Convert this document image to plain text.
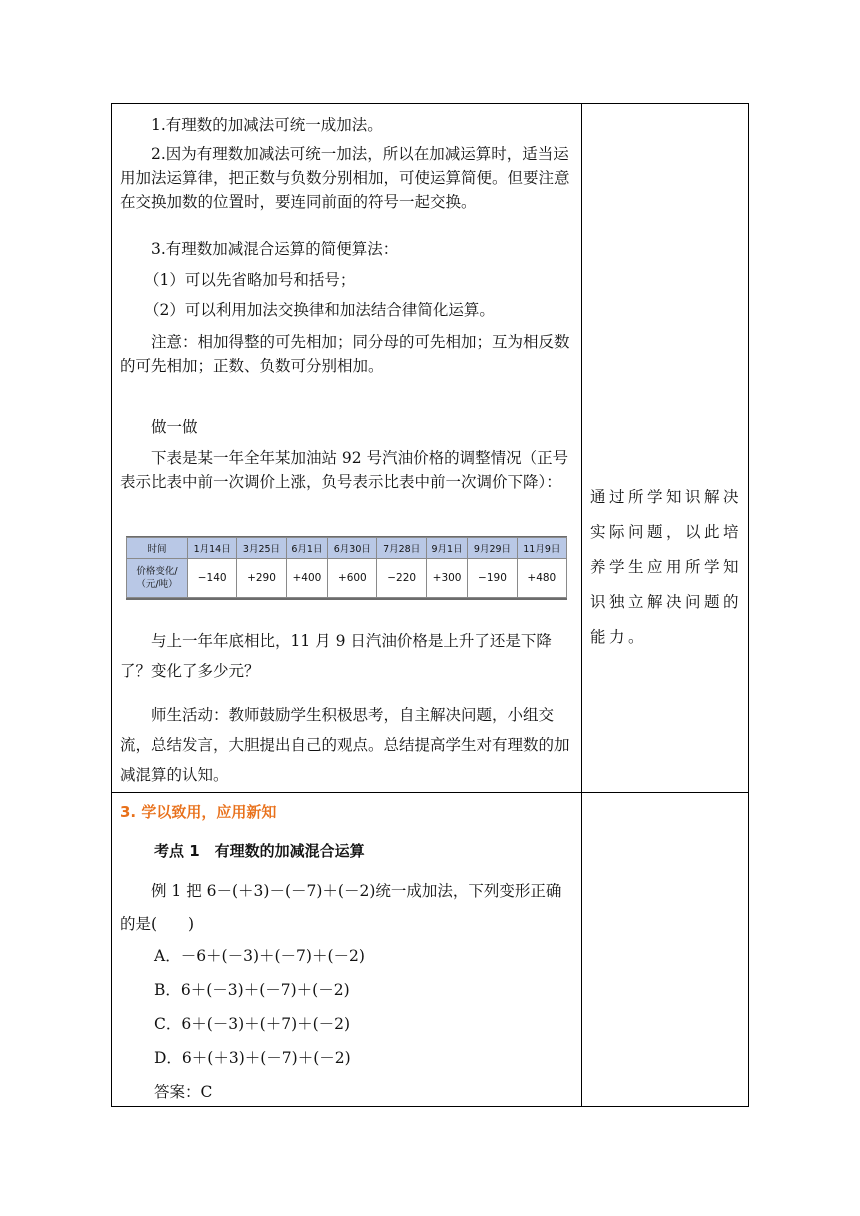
1.有理数的加减法可统一成加法。

2.因为有理数加减法可统一加法，所以在加减运算时，适当运用加法运算律，把正数与负数分别相加，可使运算简便。但要注意在交换加数的位置时，要连同前面的符号一起交换。

3.有理数加减混合运算的简便算法：

（1）可以先省略加号和括号；

（2）可以利用加法交换律和加法结合律简化运算。

注意：相加得整的可先相加；同分母的可先相加；互为相反数的可先相加；正数、负数可分别相加。

做一做

下表是某一年全年某加油站 92 号汽油价格的调整情况（正号表示比表中前一次调价上涨，负号表示比表中前一次调价下降）：

时间	1月14日	3月25日	6月1日	6月30日	7月28日	9月1日	9月29日	11月9日
价格变化/
（元/吨）	−140	+290	+400	+600	−220	+300	−190	+480

与上一年年底相比，11 月 9 日汽油价格是上升了还是下降了？变化了多少元？

师生活动：教师鼓励学生积极思考，自主解决问题，小组交流，总结发言，大胆提出自己的观点。总结提高学生对有理数的加减混算的认知。

通过所学知识解决实际问题，以此培养学生应用所学知识独立解决问题的能力。

3. 学以致用，应用新知

考点 1　有理数的加减混合运算

例 1 把 6－(＋3)－(－7)＋(－2)统一成加法，下列变形正确的是(　　)

A．－6＋(－3)＋(－7)＋(－2)

B．6＋(－3)＋(－7)＋(－2)

C．6＋(－3)＋(＋7)＋(－2)

D．6＋(＋3)＋(－7)＋(－2)

答案：C
